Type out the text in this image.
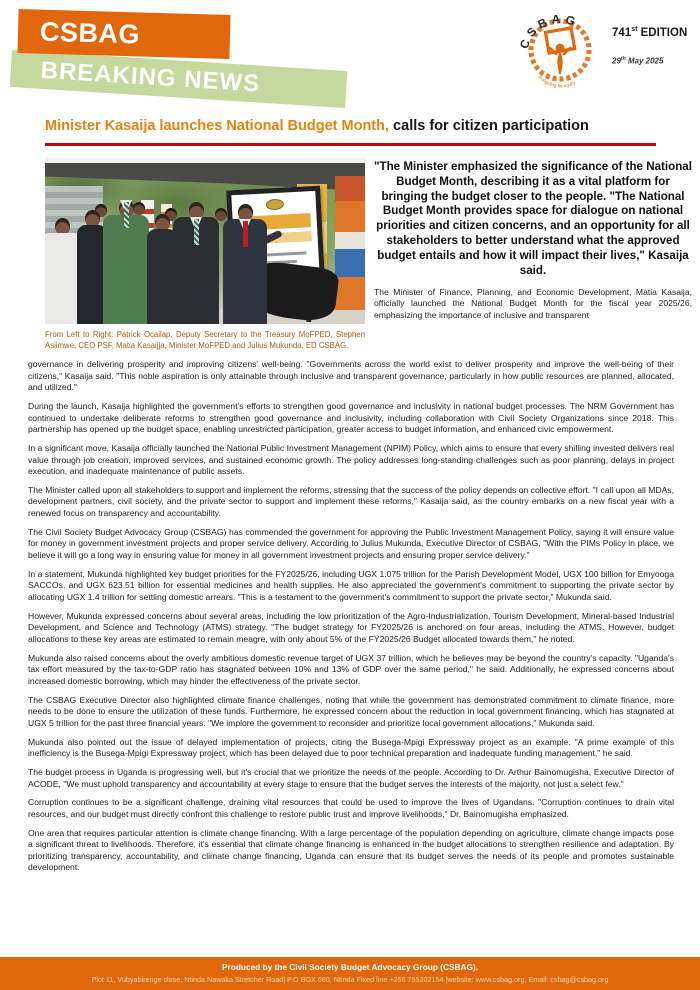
CSBAG
BREAKING NEWS
CSBAG
Budgeting for equity
741st EDITION
29th May 2025
Minister Kasaija launches National Budget Month, calls for citizen participation
From Left to Right: Patrick Ocailap, Deputy Secretary to the Treasury MoFPED, Stephen Asiimwe, CEO PSF, Matia Kasaijja, Minister MoFPED and Julius Mukunda, ED CSBAG.
"The Minister emphasized the significance of the National Budget Month, describing it as a vital platform for bringing the budget closer to the people. "The National Budget Month provides space for dialogue on national priorities and citizen concerns, and an opportunity for all stakeholders to better understand what the approved budget entails and how it will impact their lives," Kasaija said.
The Minister of Finance, Planning, and Economic Development, Matia Kasaija, officially launched the National Budget Month for the fiscal year 2025/26, emphasizing the importance of inclusive and transparent

governance in delivering prosperity and improving citizens' well-being. "Governments across the world exist to deliver prosperity and improve the well-being of their citizens," Kasaija said. "This noble aspiration is only attainable through inclusive and transparent governance, particularly in how public resources are planned, allocated, and utilized."

During the launch, Kasaija highlighted the government's efforts to strengthen good governance and inclusivity in national budget processes. The NRM Government has continued to undertake deliberate reforms to strengthen good governance and inclusivity, including collaboration with Civil Society Organizations since 2018. This partnership has opened up the budget space, enabling unrestricted participation, greater access to budget information, and enhanced civic empowerment.

In a significant move, Kasaija officially launched the National Public Investment Management (NPIM) Policy, which aims to ensure that every shilling invested delivers real value through job creation, improved services, and sustained economic growth. The policy addresses long-standing challenges such as poor planning, delays in project execution, and inadequate maintenance of public assets.

The Minister called upon all stakeholders to support and implement the reforms, stressing that the success of the policy depends on collective effort. "I call upon all MDAs, development partners, civil society, and the private sector to support and implement these reforms," Kasaija said, as the country embarks on a new fiscal year with a renewed focus on transparency and accountability.

The Civil Society Budget Advocacy Group (CSBAG) has commended the government for approving the Public Investment Management Policy, saying it will ensure value for money in government investment projects and proper service delivery. According to Julius Mukunda, Executive Director of CSBAG, "With the PIMs Policy in place, we believe it will go a long way in ensuring value for money in all government investment projects and ensuring proper service delivery."

In a statement, Mukunda highlighted key budget priorities for the FY2025/26, including UGX 1.075 trillion for the Parish Development Model, UGX 100 billion for Emyooga SACCOs, and UGX 623.51 billion for essential medicines and health supplies. He also appreciated the government's commitment to supporting the private sector by allocating UGX 1.4 trillion for settling domestic arrears. "This is a testament to the government's commitment to support the private sector," Mukunda said.

However, Mukunda expressed concerns about several areas, including the low prioritization of the Agro-Industrialization, Tourism Development, Mineral-based Industrial Development, and Science and Technology (ATMS) strategy. "The budget strategy for FY2025/26 is anchored on four areas, including the ATMS. However, budget allocations to these key areas are estimated to remain meagre, with only about 5% of the FY2025/26 Budget allocated towards them," he noted.

Mukunda also raised concerns about the overly ambitious domestic revenue target of UGX 37 trillion, which he believes may be beyond the country's capacity. "Uganda's tax effort measured by the tax-to-GDP ratio has stagnated between 10% and 13% of GDP over the same period," he said. Additionally, he expressed concerns about increased domestic borrowing, which may hinder the effectiveness of the private sector.

The CSBAG Executive Director also highlighted climate finance challenges, noting that while the government has demonstrated commitment to climate finance, more needs to be done to ensure the utilization of these funds. Furthermore, he expressed concern about the reduction in local government financing, which has stagnated at UGX 5 trillion for the past three financial years. "We implore the government to reconsider and prioritize local government allocations," Mukunda said.

Mukunda also pointed out the issue of delayed implementation of projects, citing the Busega-Mpigi Expressway project as an example. "A prime example of this inefficiency is the Busega-Mpigi Expressway project, which has been delayed due to poor technical preparation and inadequate funding management," he said.

The budget process in Uganda is progressing well, but it's crucial that we prioritize the needs of the people. According to Dr. Arthur Bainomugisha, Executive Director of ACODE, "We must uphold transparency and accountability at every stage to ensure that the budget serves the interests of the majority, not just a select few."

Corruption continues to be a significant challenge, draining vital resources that could be used to improve the lives of Ugandans. "Corruption continues to drain vital resources, and our budget must directly confront this challenge to restore public trust and improve livelihoods," Dr. Bainomugisha emphasized.

One area that requires particular attention is climate change financing. With a large percentage of the population depending on agriculture, climate change impacts pose a significant threat to livelihoods. Therefore, it's essential that climate change financing is enhanced in the budget allocations to strengthen resilience and adaptation. By prioritizing transparency, accountability, and climate change financing, Uganda can ensure that its budget serves the needs of its people and promotes sustainable development.

Produced by the Civil Society Budget Advocacy Group (CSBAG).
Plot 11, Vubyabirenge close, Ntinda Nawaka Stretcher Road| P.O BOX 660, Ntinda Fixed line +256 755202154 |website: www.csbag.org, Email: csbag@csbag.org
